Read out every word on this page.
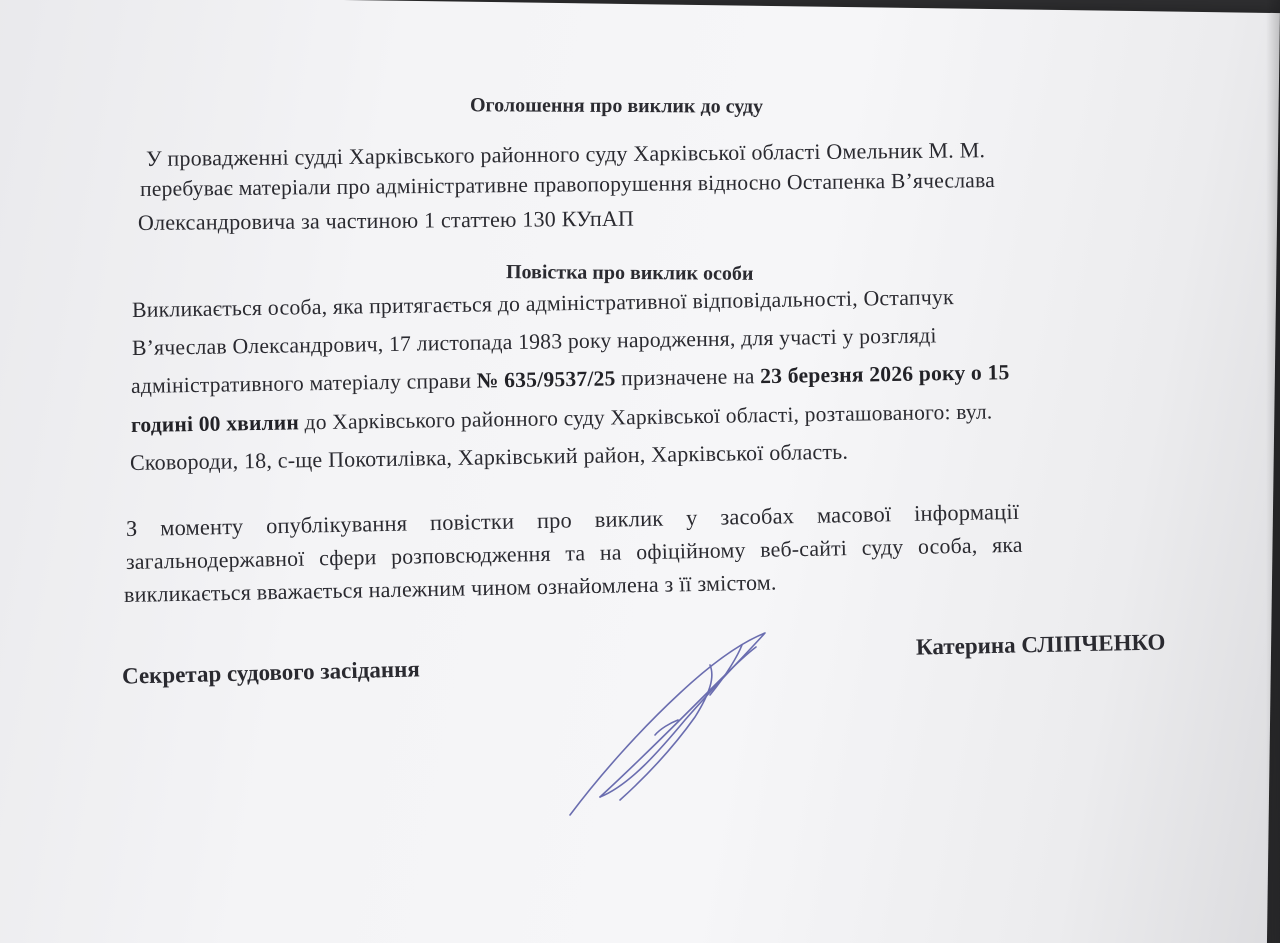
Оголошення про виклик до суду
У провадженні судді Харківського районного суду Харківської області Омельник М. М.
перебуває матеріали про адміністративне правопорушення відносно Остапенка В’ячеслава
Олександровича за частиною 1 статтею 130 КУпАП
Повістка про виклик особи
Викликається особа, яка притягається до адміністративної відповідальності, Остапчук
В’ячеслав Олександрович, 17 листопада 1983 року народження, для участі у розгляді
адміністративного матеріалу справи № 635/9537/25 призначене на 23 березня 2026 року о 15
годині 00 хвилин до Харківського районного суду Харківської області, розташованого: вул.
Сковороди, 18, с-ще Покотилівка, Харківський район, Харківської область.
З моменту опублікування повістки про виклик у засобах масової інформації
загальнодержавної сфери розповсюдження та на офіційному веб-сайті суду особа, яка
викликається вважається належним чином ознайомлена з її змістом.
Катерина СЛІПЧЕНКО
Секретар судового засідання
